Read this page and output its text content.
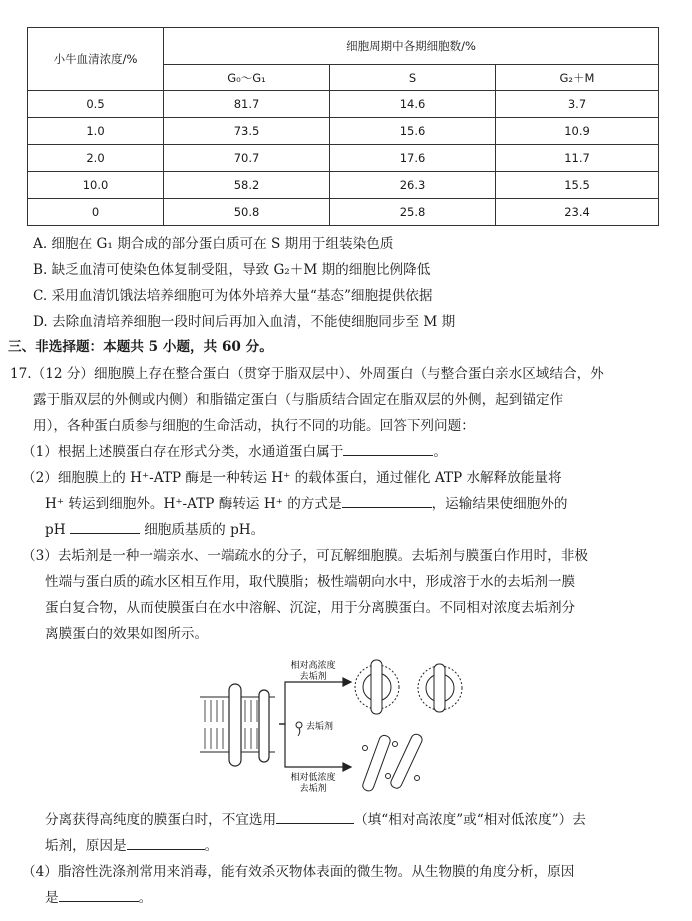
小牛血清浓度/%	细胞周期中各期细胞数/%		
	G₀～G₁	S	G₂＋M
0.5	81.7	14.6	3.7
1.0	73.5	15.6	10.9
2.0	70.7	17.6	11.7
10.0	58.2	26.3	15.5
0	50.8	25.8	23.4
A. 细胞在 G₁ 期合成的部分蛋白质可在 S 期用于组装染色质
B. 缺乏血清可使染色体复制受阻，导致 G₂＋M 期的细胞比例降低
C. 采用血清饥饿法培养细胞可为体外培养大量“基态”细胞提供依据
D. 去除血清培养细胞一段时间后再加入血清，不能使细胞同步至 M 期
三、非选择题：本题共 5 小题，共 60 分。
17.（12 分）细胞膜上存在整合蛋白（贯穿于脂双层中）、外周蛋白（与整合蛋白亲水区域结合，外
露于脂双层的外侧或内侧）和脂锚定蛋白（与脂质结合固定在脂双层的外侧，起到锚定作
用），各种蛋白质参与细胞的生命活动，执行不同的功能。回答下列问题：
（1）根据上述膜蛋白存在形式分类，水通道蛋白属于	。
（2）细胞膜上的 H⁺-ATP 酶是一种转运 H⁺ 的载体蛋白，通过催化 ATP 水解释放能量将
H⁺ 转运到细胞外。H⁺-ATP 酶转运 H⁺ 的方式是	，运输结果使细胞外的
pH	细胞质基质的 pH。
（3）去垢剂是一种一端亲水、一端疏水的分子，可瓦解细胞膜。去垢剂与膜蛋白作用时，非极
性端与蛋白质的疏水区相互作用，取代膜脂；极性端朝向水中，形成溶于水的去垢剂一膜
蛋白复合物，从而使膜蛋白在水中溶解、沉淀，用于分离膜蛋白。不同相对浓度去垢剂分
离膜蛋白的效果如图所示。
相对高浓度
去垢剂
去垢剂
相对低浓度
去垢剂
分离获得高纯度的膜蛋白时，不宜选用	（填“相对高浓度”或“相对低浓度”）去
垢剂，原因是	。
（4）脂溶性洗涤剂常用来消毒，能有效杀灭物体表面的微生物。从生物膜的角度分析，原因
是	。
